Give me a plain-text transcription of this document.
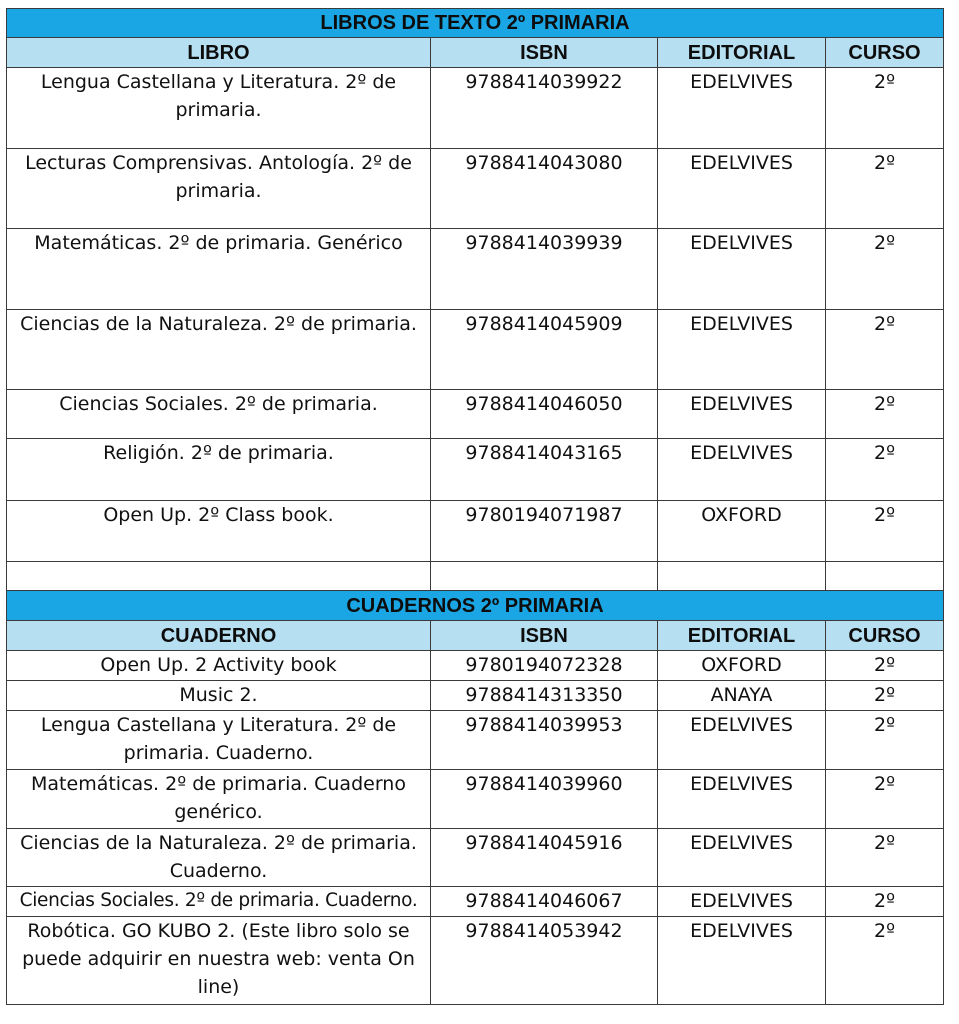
LIBROS DE TEXTO 2º PRIMARIA			
LIBRO	ISBN	EDITORIAL	CURSO
Lengua Castellana y Literatura. 2º de primaria.	9788414039922	EDELVIVES	2º
Lecturas Comprensivas. Antología. 2º de primaria.	9788414043080	EDELVIVES	2º
Matemáticas. 2º de primaria. Genérico	9788414039939	EDELVIVES	2º
Ciencias de la Naturaleza. 2º de primaria.	9788414045909	EDELVIVES	2º
Ciencias Sociales. 2º de primaria.	9788414046050	EDELVIVES	2º
Religión. 2º de primaria.	9788414043165	EDELVIVES	2º
Open Up. 2º Class book.	9780194071987	OXFORD	2º

CUADERNOS 2º PRIMARIA			
CUADERNO	ISBN	EDITORIAL	CURSO
Open Up. 2 Activity book	9780194072328	OXFORD	2º
Music 2.	9788414313350	ANAYA	2º
Lengua Castellana y Literatura. 2º de primaria. Cuaderno.	9788414039953	EDELVIVES	2º
Matemáticas. 2º de primaria. Cuaderno genérico.	9788414039960	EDELVIVES	2º
Ciencias de la Naturaleza. 2º de primaria. Cuaderno.	9788414045916	EDELVIVES	2º
Ciencias Sociales. 2º de primaria. Cuaderno.	9788414046067	EDELVIVES	2º
Robótica. GO KUBO 2. (Este libro solo se puede adquirir en nuestra web: venta On line)	9788414053942	EDELVIVES	2º
